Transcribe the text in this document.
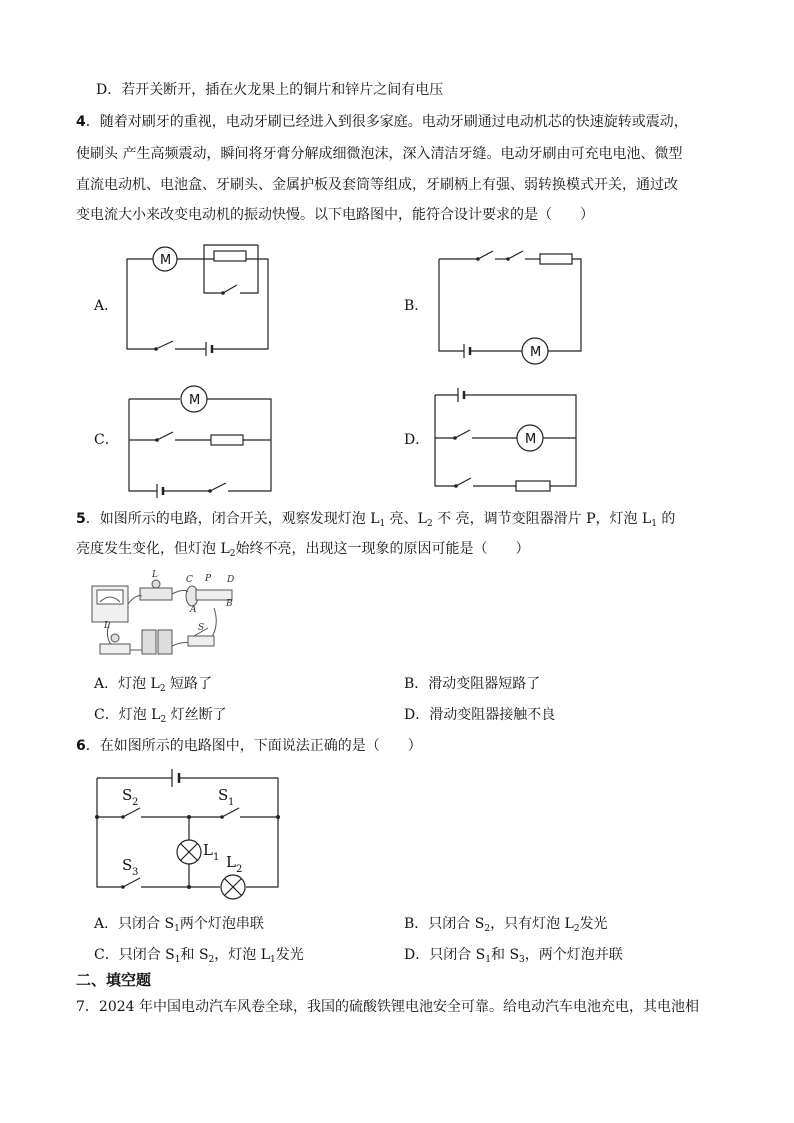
D．若开关断开，插在火龙果上的铜片和锌片之间有电压
4．随着对刷牙的重视，电动牙刷已经进入到很多家庭。电动牙刷通过电动机芯的快速旋转或震动，
使刷头 产生高频震动，瞬间将牙膏分解成细微泡沫，深入清洁牙缝。电动牙刷由可充电电池、微型
直流电动机、电池盒、牙刷头、金属护板及套筒等组成，牙刷柄上有强、弱转换模式开关，通过改
变电流大小来改变电动机的振动快慢。以下电路图中，能符合设计要求的是（　　）
A．	B．
C．	D．
M
M
M
M
L	C P D
A
B
S
L
S 2	S 1
S 3
L 1 L 2
5．如图所示的电路，闭合开关，观察发现灯泡 $L_1$ 亮、$L_2$ 不 亮，调节变阻器滑片 P，灯泡 $L_1$ 的
亮度发生变化，但灯泡 $L_2$始终不亮，出现这一现象的原因可能是（　　）
A．灯泡 $L_2$ 短路了	B．滑动变阻器短路了
C．灯泡 $L_2$ 灯丝断了	D．滑动变阻器接触不良
6．在如图所示的电路图中，下面说法正确的是（　　）
A．只闭合 $S_1$两个灯泡串联	B．只闭合 $S_2$，只有灯泡 $L_2$发光
C．只闭合 $S_1$和 $S_2$，灯泡 $L_1$发光	D．只闭合 $S_1$和 $S_3$，两个灯泡并联
二、填空题
7．2024 年中国电动汽车风卷全球，我国的硫酸铁锂电池安全可靠。给电动汽车电池充电，其电池相
